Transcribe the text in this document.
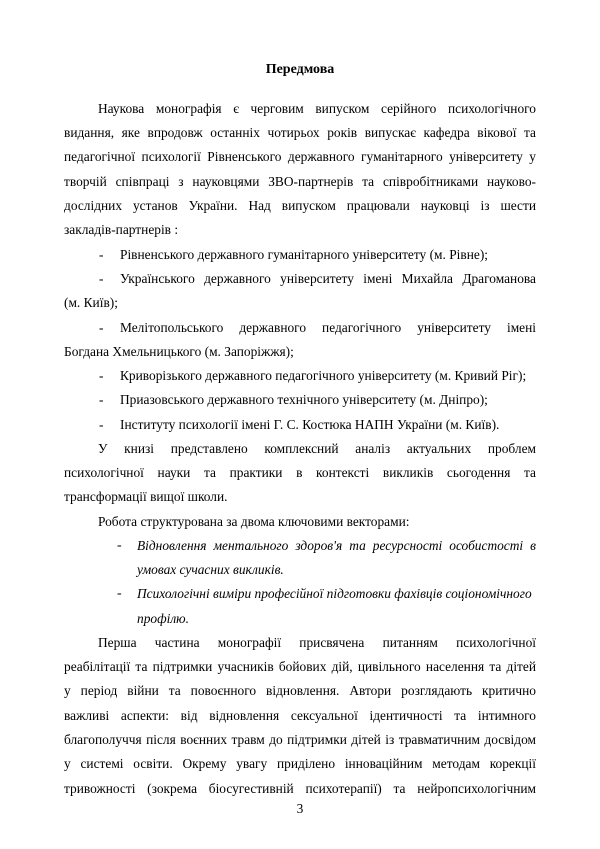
Передмова
Наукова монографія є черговим випуском серійного психологічного
видання, яке впродовж останніх чотирьох років випускає кафедра вікової та
педагогічної психології Рівненського державного гуманітарного університету у
творчій співпраці з науковцями ЗВО-партнерів та співробітниками науково-
дослідних установ України. Над випуском працювали науковці із шести
закладів-партнерів :
- Рівненського державного гуманітарного університету (м. Рівне);
- Українського державного університету імені Михайла Драгоманова
(м. Київ);
- Мелітопольського державного педагогічного університету імені
Богдана Хмельницького (м. Запоріжжя);
- Криворізького державного педагогічного університету (м. Кривий Ріг);
- Приазовського державного технічного університету (м. Дніпро);
- Інституту психології імені Г. С. Костюка НАПН України (м. Київ).
У книзі представлено комплексний аналіз актуальних проблем
психологічної науки та практики в контексті викликів сьогодення та
трансформації вищої школи.
Робота структурована за двома ключовими векторами:
- Відновлення ментального здоров'я та ресурсності особистості в
умовах сучасних викликів.
- Психологічні виміри професійної підготовки фахівців соціономічного
профілю.
Перша частина монографії присвячена питанням психологічної
реабілітації та підтримки учасників бойових дій, цивільного населення та дітей
у період війни та повоєнного відновлення. Автори розглядають критично
важливі аспекти: від відновлення сексуальної ідентичності та інтимного
благополуччя після воєнних травм до підтримки дітей із травматичним досвідом
у системі освіти. Окрему увагу приділено інноваційним методам корекції
тривожності (зокрема біосугестивній психотерапії) та нейропсихологічним
3
